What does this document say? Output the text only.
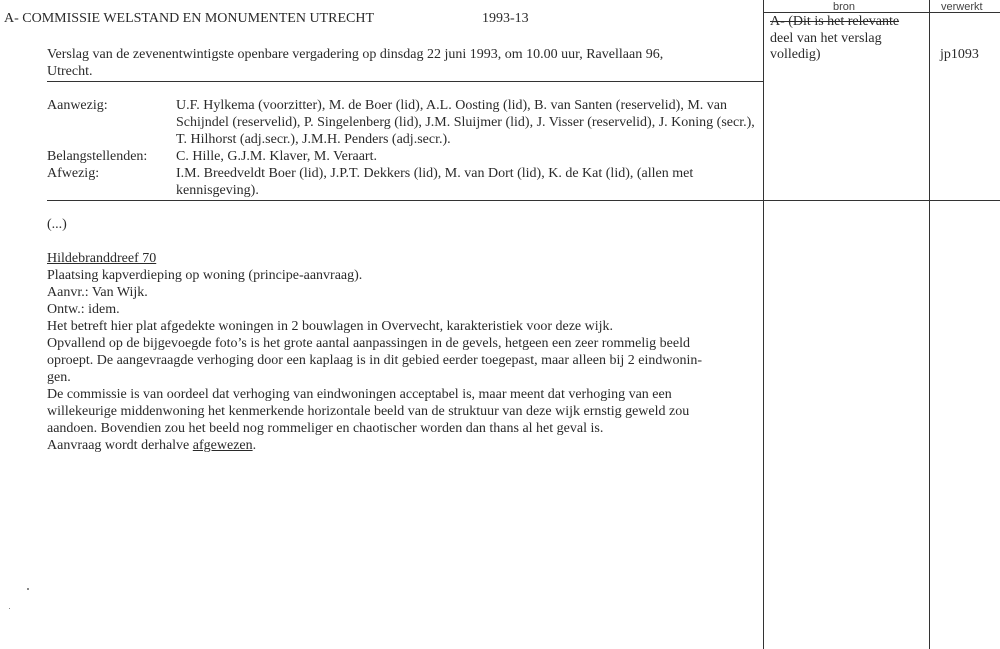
bron	verwerkt
A- (Dit is het relevante
deel van het verslag
volledig)	jp1093
A- COMMISSIE WELSTAND EN MONUMENTEN UTRECHT	1993-13
Verslag van de zevenentwintigste openbare vergadering op dinsdag 22 juni 1993, om 10.00 uur, Ravellaan 96,
Utrecht.
Aanwezig:	U.F. Hylkema (voorzitter), M. de Boer (lid), A.L. Oosting (lid), B. van Santen (reservelid), M. van Schijndel (reservelid), P. Singelenberg (lid), J.M. Sluijmer (lid), J. Visser (reservelid), J. Koning (secr.), T. Hilhorst (adj.secr.), J.M.H. Penders (adj.secr.).
Belangstellenden: C. Hille, G.J.M. Klaver, M. Veraart.
Afwezig:	I.M. Breedveldt Boer (lid), J.P.T. Dekkers (lid), M. van Dort (lid), K. de Kat (lid), (allen met kennisgeving).
(...)
Hildebranddreef 70
Plaatsing kapverdieping op woning (principe-aanvraag).
Aanvr.: Van Wijk.
Ontw.: idem.
Het betreft hier plat afgedekte woningen in 2 bouwlagen in Overvecht, karakteristiek voor deze wijk.
Opvallend op de bijgevoegde foto’s is het grote aantal aanpassingen in de gevels, hetgeen een zeer rommelig beeld
oproept. De aangevraagde verhoging door een kaplaag is in dit gebied eerder toegepast, maar alleen bij 2 eindwonin-
gen.
De commissie is van oordeel dat verhoging van eindwoningen acceptabel is, maar meent dat verhoging van een
willekeurige middenwoning het kenmerkende horizontale beeld van de struktuur van deze wijk ernstig geweld zou
aandoen. Bovendien zou het beeld nog rommeliger en chaotischer worden dan thans al het geval is.
Aanvraag wordt derhalve afgewezen.
